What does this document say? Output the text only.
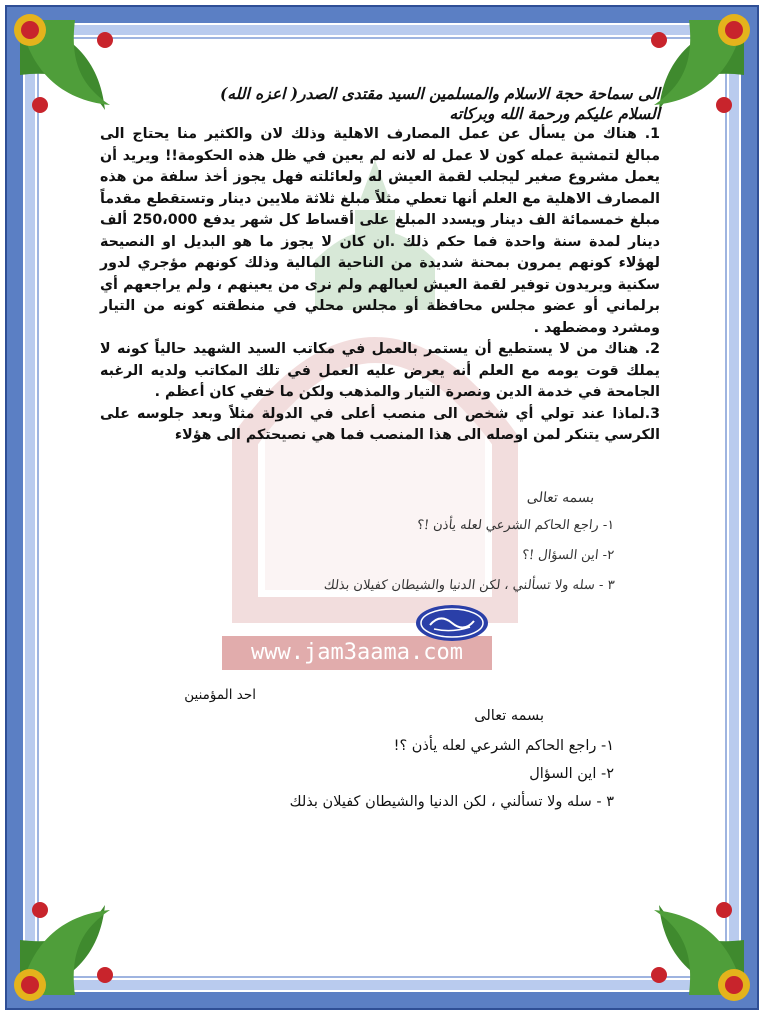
www.jam3aama.com

الى سماحة حجة الاسلام والمسلمين السيد مقتدى الصدر( اعزه الله)

السلام عليكم ورحمة الله وبركاته

1. هناك من يسأل عن عمل المصارف الاهلية وذلك لان والكثير منا يحتاج الى مبالغ لتمشية عمله كون لا عمل له لانه لم يعين في ظل هذه الحكومة!! ويريد أن يعمل مشروع صغير ليجلب لقمة العيش له ولعائلته فهل يجوز أخذ سلفة من هذه المصارف الاهلية مع العلم أنها تعطي مثلاً مبلغ ثلاثة ملايين دينار وتستقطع مقدماً مبلغ خمسمائة الف دينار ويسدد المبلغ على أقساط كل شهر يدفع 250،000 ألف دينار لمدة سنة واحدة فما حكم ذلك .ان كان لا يجوز ما هو البديل او النصيحة لهؤلاء كونهم يمرون بمحنة شديدة من الناحية المالية وذلك كونهم مؤجري لدور سكنية ويريدون توفير لقمة العيش لعيالهم ولم نرى من يعينهم ، ولم يراجعهم أي برلماني أو عضو مجلس محافظة أو مجلس محلي في منطقته كونه من التيار ومشرد ومضطهد .

2. هناك من لا يستطيع أن يستمر بالعمل في مكاتب السيد الشهيد حالياً كونه لا يملك قوت يومه مع العلم أنه يعرض عليه العمل في تلك المكاتب ولديه الرغبه الجامحة في خدمة الدين ونصرة التيار والمذهب ولكن ما خفي كان أعظم .

3.لماذا عند تولي أي شخص الى منصب أعلى في الدولة مثلاً وبعد جلوسه على الكرسي يتنكر لمن اوصله الى هذا المنصب فما هي نصيحتكم الى هؤلاء

بسمه تعالى
١- راجع الحاكم الشرعي لعله يأذن !؟
٢- اين السؤال !؟
٣ - سله ولا تسألني ، لكن الدنيا والشيطان كفيلان بذلك
احد المؤمنين
بسمه تعالى
١- راجع الحاكم الشرعي لعله يأذن ؟!
٢- اين السؤال
٣ - سله ولا تسألني ، لكن الدنيا والشيطان كفيلان بذلك
